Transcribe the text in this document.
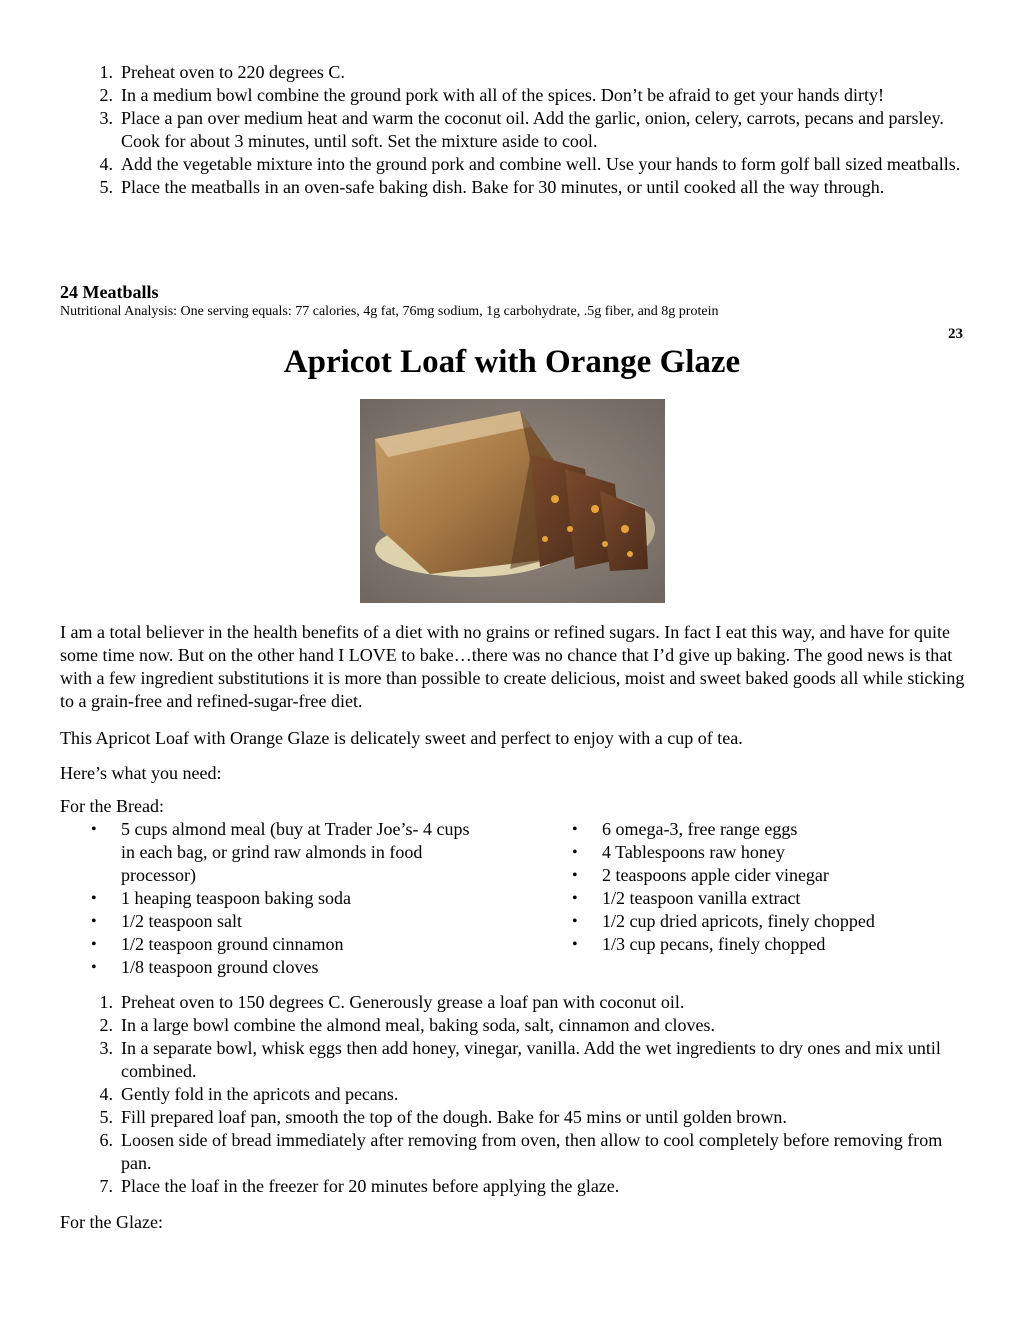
1. Preheat oven to 220 degrees C.
2. In a medium bowl combine the ground pork with all of the spices. Don’t be afraid to get your hands dirty!
3. Place a pan over medium heat and warm the coconut oil. Add the garlic, onion, celery, carrots, pecans and parsley. Cook for about 3 minutes, until soft. Set the mixture aside to cool.
4. Add the vegetable mixture into the ground pork and combine well. Use your hands to form golf ball sized meatballs.
5. Place the meatballs in an oven-safe baking dish. Bake for 30 minutes, or until cooked all the way through.
24 Meatballs
Nutritional Analysis: One serving equals: 77 calories, 4g fat, 76mg sodium, 1g carbohydrate, .5g fiber, and 8g protein
23
Apricot Loaf with Orange Glaze

I am a total believer in the health benefits of a diet with no grains or refined sugars. In fact I eat this way, and have for quite some time now. But on the other hand I LOVE to bake…there was no chance that I’d give up baking. The good news is that with a few ingredient substitutions it is more than possible to create delicious, moist and sweet baked goods all while sticking to a grain-free and refined-sugar-free diet.

This Apricot Loaf with Orange Glaze is delicately sweet and perfect to enjoy with a cup of tea.

Here’s what you need:

For the Bread:

• 5 cups almond meal (buy at Trader Joe’s- 4 cups in each bag, or grind raw almonds in food processor)
• 1 heaping teaspoon baking soda
• 1/2 teaspoon salt
• 1/2 teaspoon ground cinnamon
• 1/8 teaspoon ground cloves
• 6 omega-3, free range eggs
• 4 Tablespoons raw honey
• 2 teaspoons apple cider vinegar
• 1/2 teaspoon vanilla extract
• 1/2 cup dried apricots, finely chopped
• 1/3 cup pecans, finely chopped
1. Preheat oven to 150 degrees C. Generously grease a loaf pan with coconut oil.
2. In a large bowl combine the almond meal, baking soda, salt, cinnamon and cloves.
3. In a separate bowl, whisk eggs then add honey, vinegar, vanilla. Add the wet ingredients to dry ones and mix until combined.
4. Gently fold in the apricots and pecans.
5. Fill prepared loaf pan, smooth the top of the dough. Bake for 45 mins or until golden brown.
6. Loosen side of bread immediately after removing from oven, then allow to cool completely before removing from pan.
7. Place the loaf in the freezer for 20 minutes before applying the glaze.

For the Glaze:
